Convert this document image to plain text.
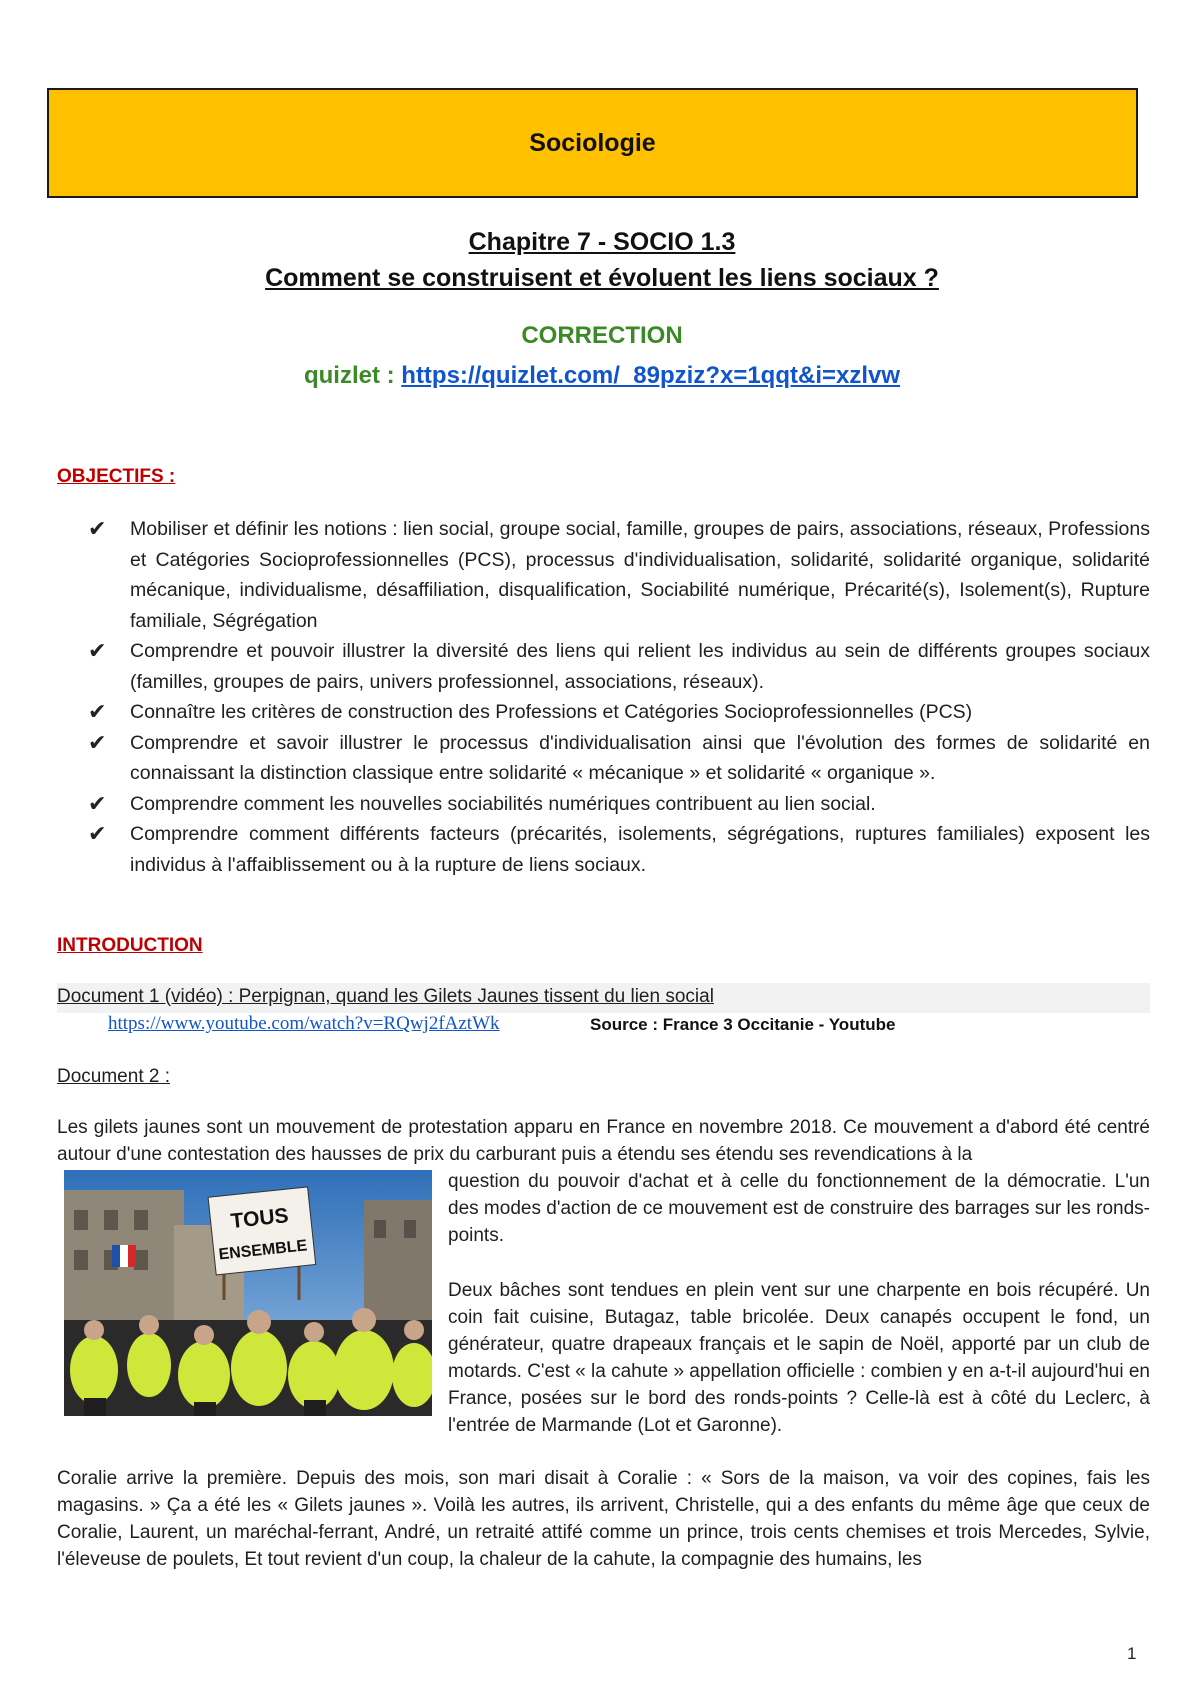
Sociologie
Chapitre 7 - SOCIO 1.3
Comment se construisent et évoluent les liens sociaux ?
CORRECTION
quizlet : https://quizlet.com/_89pziz?x=1qqt&i=xzlvw
OBJECTIFS :
✔ Mobiliser et définir les notions : lien social, groupe social, famille, groupes de pairs, associations, réseaux, Professions et Catégories Socioprofessionnelles (PCS), processus d'individualisation, solidarité, solidarité organique, solidarité mécanique, individualisme, désaffiliation, disqualification, Sociabilité numérique, Précarité(s), Isolement(s), Rupture familiale, Ségrégation
✔ Comprendre et pouvoir illustrer la diversité des liens qui relient les individus au sein de différents groupes sociaux (familles, groupes de pairs, univers professionnel, associations, réseaux).
✔ Connaître les critères de construction des Professions et Catégories Socioprofessionnelles (PCS)
✔ Comprendre et savoir illustrer le processus d'individualisation ainsi que l'évolution des formes de solidarité en connaissant la distinction classique entre solidarité « mécanique » et solidarité « organique ».
✔ Comprendre comment les nouvelles sociabilités numériques contribuent au lien social.
✔ Comprendre comment différents facteurs (précarités, isolements, ségrégations, ruptures familiales) exposent les individus à l'affaiblissement ou à la rupture de liens sociaux.
INTRODUCTION
Document 1 (vidéo) : Perpignan, quand les Gilets Jaunes tissent du lien social
https://www.youtube.com/watch?v=RQwj2fAztWk	Source : France 3 Occitanie - Youtube
Document 2 :
Les gilets jaunes sont un mouvement de protestation apparu en France en novembre 2018. Ce mouvement a d'abord été centré autour d'une contestation des hausses de prix du carburant puis a étendu ses étendu ses revendications à la
TOUS
ENSEMBLE
question du pouvoir d'achat et à celle du fonctionnement de la démocratie. L'un des modes d'action de ce mouvement est de construire des barrages sur les ronds-points.
Deux bâches sont tendues en plein vent sur une charpente en bois récupéré. Un coin fait cuisine, Butagaz, table bricolée. Deux canapés occupent le fond, un générateur, quatre drapeaux français et le sapin de Noël, apporté par un club de motards. C'est « la cahute » appellation officielle : combien y en a-t-il aujourd'hui en France, posées sur le bord des ronds-points ? Celle-là est à côté du Leclerc, à l'entrée de Marmande (Lot et Garonne).
Coralie arrive la première. Depuis des mois, son mari disait à Coralie : « Sors de la maison, va voir des copines, fais les magasins. » Ça a été les « Gilets jaunes ». Voilà les autres, ils arrivent, Christelle, qui a des enfants du même âge que ceux de Coralie, Laurent, un maréchal-ferrant, André, un retraité attifé comme un prince, trois cents chemises et trois Mercedes, Sylvie, l'éleveuse de poulets, Et tout revient d'un coup, la chaleur de la cahute, la compagnie des humains, les
1
